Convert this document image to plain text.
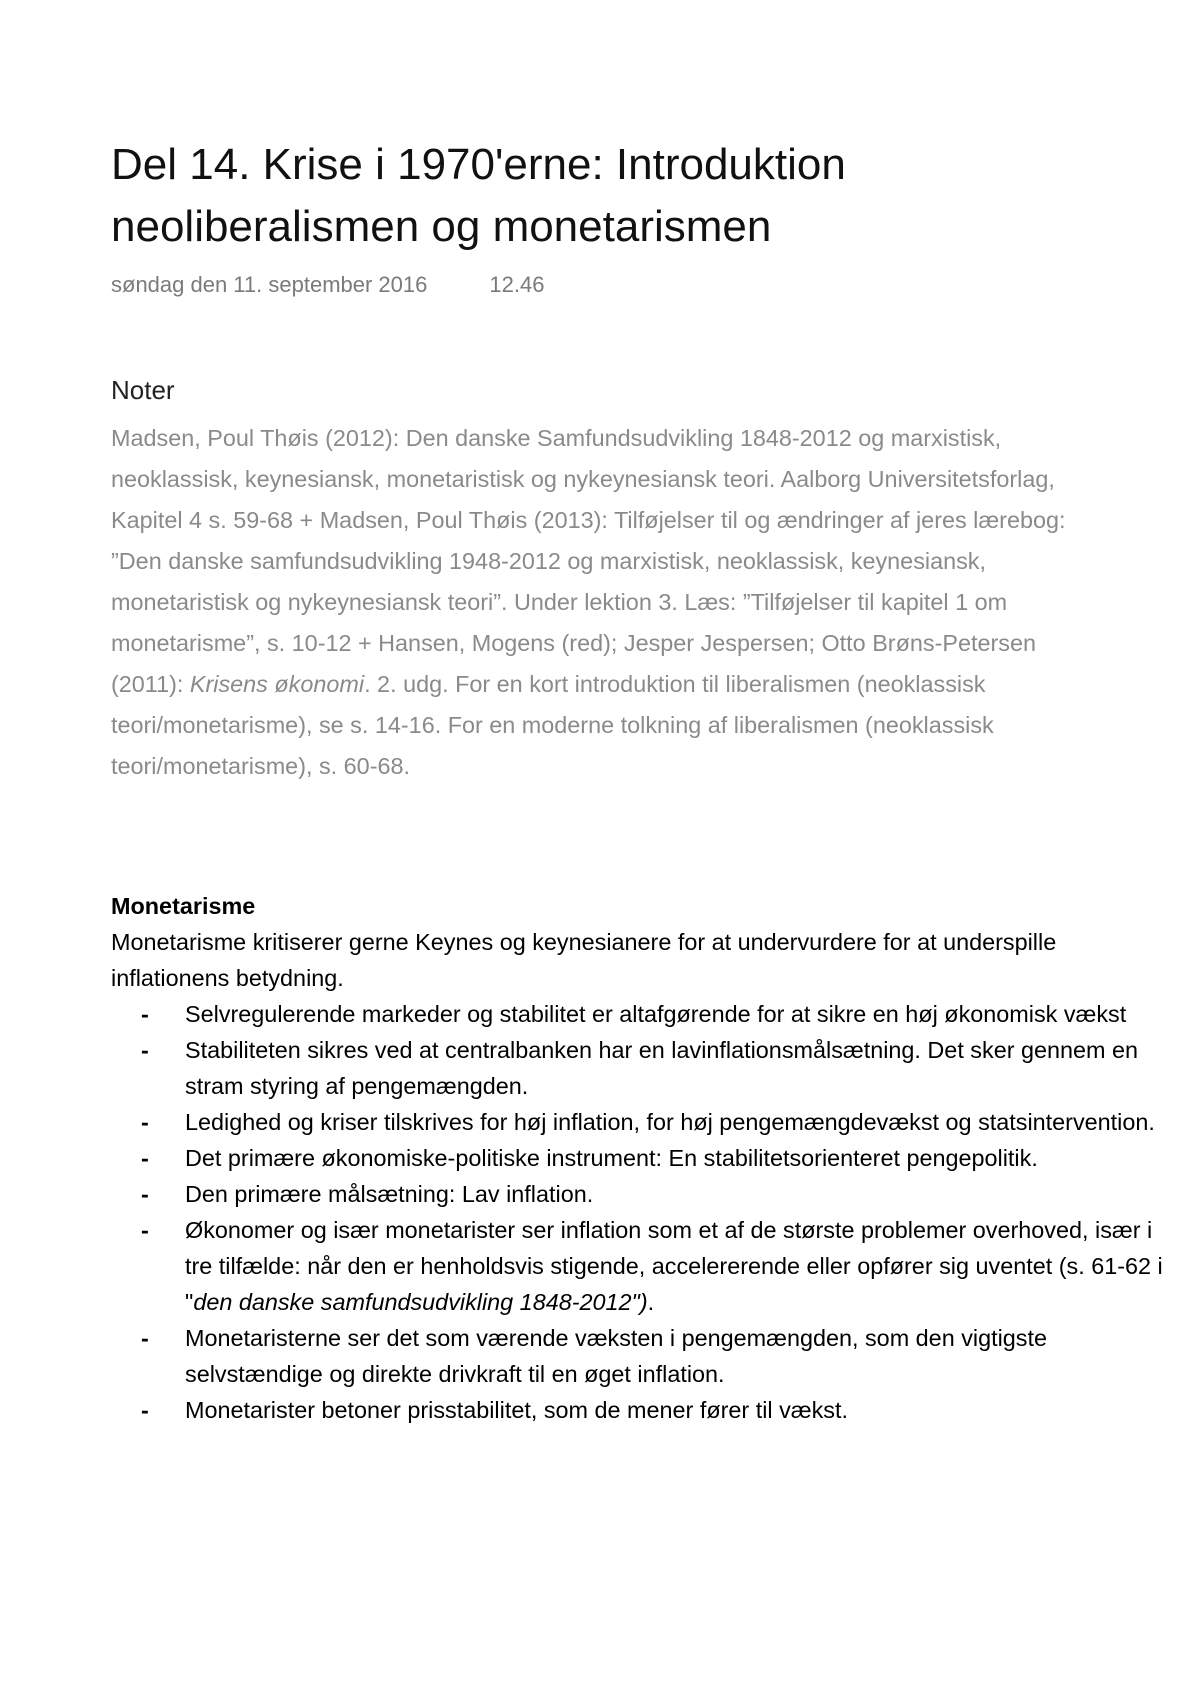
Del 14. Krise i 1970'erne: Introduktion
neoliberalismen og monetarismen
søndag den 11. september 2016	12.46
Noter

Madsen, Poul Thøis (2012): Den danske Samfundsudvikling 1848-2012 og marxistisk, neoklassisk, keynesiansk, monetaristisk og nykeynesiansk teori. Aalborg Universitetsforlag, Kapitel 4 s. 59-68 + Madsen, Poul Thøis (2013): Tilføjelser til og ændringer af jeres lærebog: ”Den danske samfundsudvikling 1948-2012 og marxistisk, neoklassisk, keynesiansk, monetaristisk og nykeynesiansk teori”. Under lektion 3. Læs: ”Tilføjelser til kapitel 1 om monetarisme”, s. 10-12 + Hansen, Mogens (red); Jesper Jespersen; Otto Brøns-Petersen (2011): Krisens økonomi. 2. udg. For en kort introduktion til liberalismen (neoklassisk teori/monetarisme), se s. 14-16. For en moderne tolkning af liberalismen (neoklassisk teori/monetarisme), s. 60-68.

Monetarisme

Monetarisme kritiserer gerne Keynes og keynesianere for at undervurdere for at underspille inflationens betydning.

- Selvregulerende markeder og stabilitet er altafgørende for at sikre en høj økonomisk vækst
- Stabiliteten sikres ved at centralbanken har en lavinflationsmålsætning. Det sker gennem en stram styring af pengemængden.
- Ledighed og kriser tilskrives for høj inflation, for høj pengemængdevækst og statsintervention.
- Det primære økonomiske-politiske instrument: En stabilitetsorienteret pengepolitik.
- Den primære målsætning: Lav inflation.
- Økonomer og især monetarister ser inflation som et af de største problemer overhoved, især i tre tilfælde: når den er henholdsvis stigende, accelererende eller opfører sig uventet (s. 61-62 i "den danske samfundsudvikling 1848-2012").
- Monetaristerne ser det som værende væksten i pengemængden, som den vigtigste selvstændige og direkte drivkraft til en øget inflation.
- Monetarister betoner prisstabilitet, som de mener fører til vækst.
